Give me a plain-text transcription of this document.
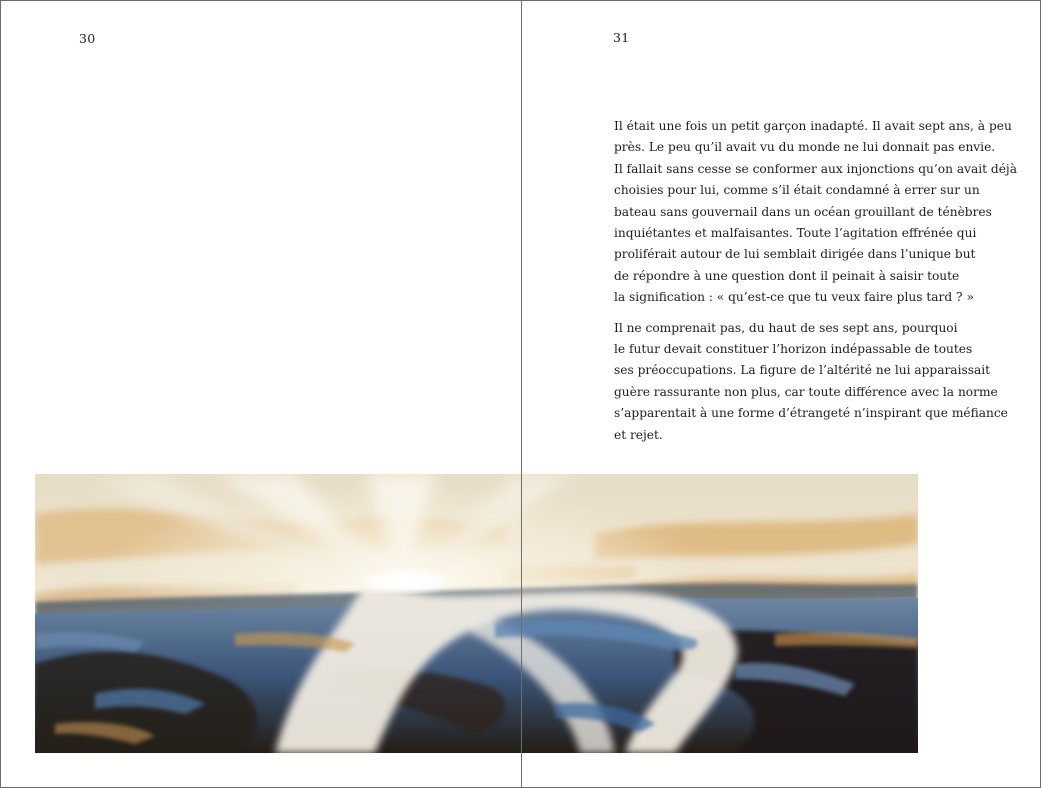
30	31

Il était une fois un petit garçon inadapté. Il avait sept ans, à peu
près. Le peu qu’il avait vu du monde ne lui donnait pas envie.
Il fallait sans cesse se conformer aux injonctions qu’on avait déjà
choisies pour lui, comme s’il était condamné à errer sur un
bateau sans gouvernail dans un océan grouillant de ténèbres
inquiétantes et malfaisantes. Toute l’agitation effrénée qui
proliférait autour de lui semblait dirigée dans l’unique but
de répondre à une question dont il peinait à saisir toute
la signification : « qu’est-ce que tu veux faire plus tard ? »

Il ne comprenait pas, du haut de ses sept ans, pourquoi
le futur devait constituer l’horizon indépassable de toutes
ses préoccupations. La figure de l’altérité ne lui apparaissait
guère rassurante non plus, car toute différence avec la norme
s’apparentait à une forme d’étrangeté n’inspirant que méfiance
et rejet.
